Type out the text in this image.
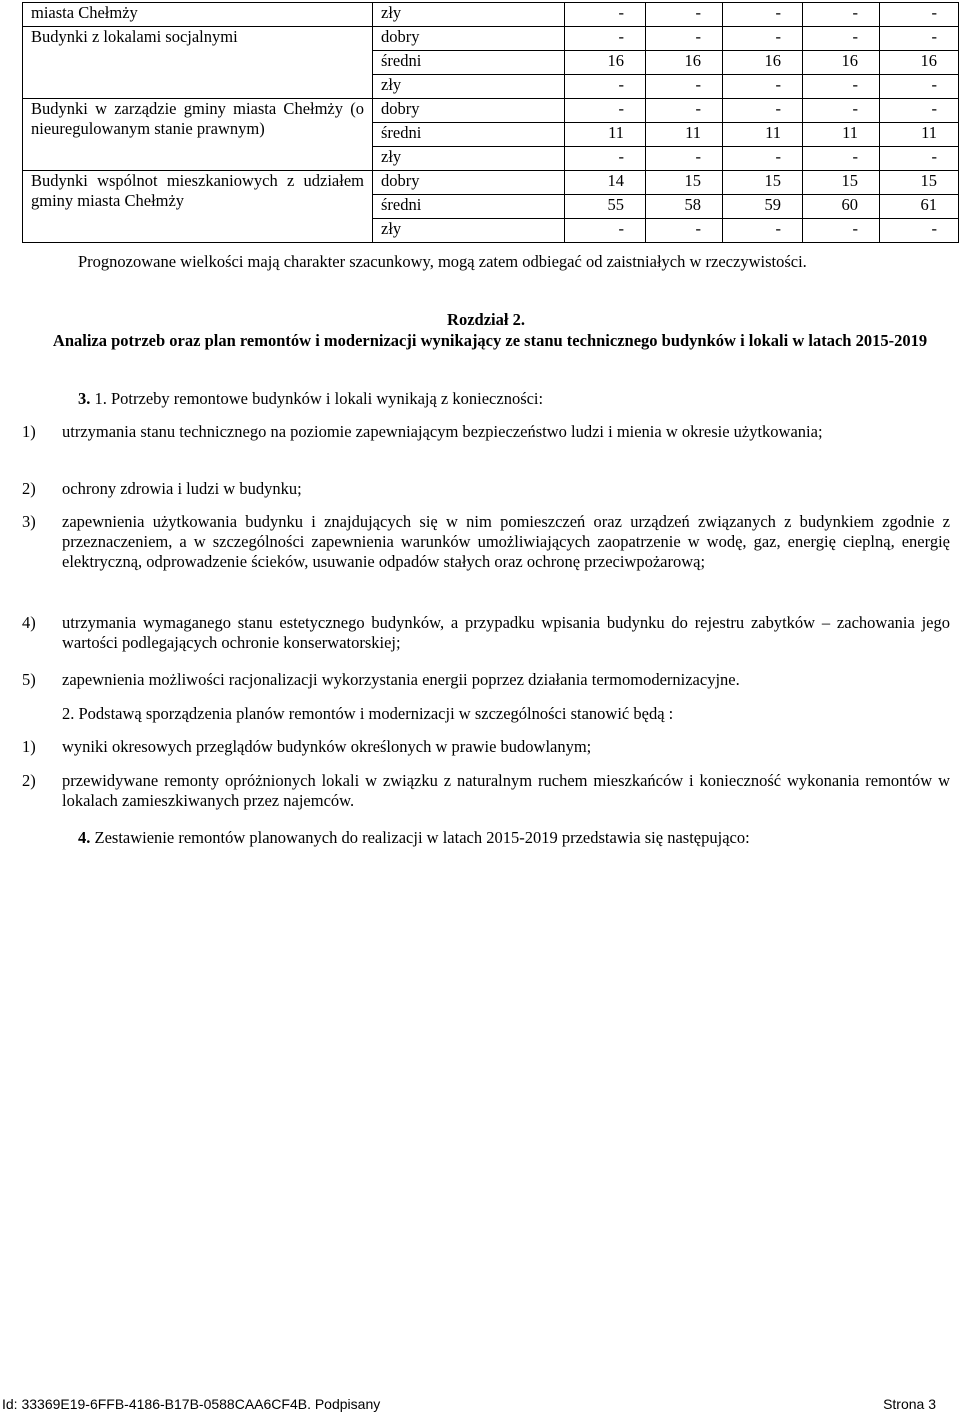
miasta Chełmży	zły	-	-	-	-	-
Budynki z lokalami socjalnymi	dobry	-	-	-	-	-
	średni	16	16	16	16	16
	zły	-	-	-	-	-
Budynki w zarządzie gminy miasta Chełmży (o nieuregulowanym stanie prawnym)	dobry	-	-	-	-	-
	średni	11	11	11	11	11
	zły	-	-	-	-	-
Budynki wspólnot mieszkaniowych z udziałem gminy miasta Chełmży	dobry	14	15	15	15	15
	średni	55	58	59	60	61
	zły	-	-	-	-	-

Prognozowane wielkości mają charakter szacunkowy, mogą zatem odbiegać od zaistniałych w rzeczywistości.

Rozdział 2.
Analiza potrzeb oraz plan remontów i modernizacji wynikający ze stanu technicznego budynków i lokali w latach 2015-2019
3. 1. Potrzeby remontowe budynków i lokali wynikają z konieczności:
1)	utrzymania stanu technicznego na poziomie zapewniającym bezpieczeństwo ludzi i mienia w okresie użytkowania;
2)	ochrony zdrowia i ludzi w budynku;
3)	zapewnienia użytkowania budynku i znajdujących się w nim pomieszczeń oraz urządzeń związanych z budynkiem zgodnie z przeznaczeniem, a w szczególności zapewnienia warunków umożliwiających zaopatrzenie w wodę, gaz, energię cieplną, energię elektryczną, odprowadzenie ścieków, usuwanie odpadów stałych oraz ochronę przeciwpożarową;
4)	utrzymania wymaganego stanu estetycznego budynków, a przypadku wpisania budynku do rejestru zabytków – zachowania jego wartości podlegających ochronie konserwatorskiej;
5)	zapewnienia możliwości racjonalizacji wykorzystania energii poprzez działania termomodernizacyjne.
2. Podstawą sporządzenia planów remontów i modernizacji w szczególności stanowić będą :
1)	wyniki okresowych przeglądów budynków określonych w prawie budowlanym;
2)	przewidywane remonty opróżnionych lokali w związku z naturalnym ruchem mieszkańców i konieczność wykonania remontów w lokalach zamieszkiwanych przez najemców.
4. Zestawienie remontów planowanych do realizacji w latach 2015-2019 przedstawia się następująco:
Id: 33369E19-6FFB-4186-B17B-0588CAA6CF4B. Podpisany	Strona 3
